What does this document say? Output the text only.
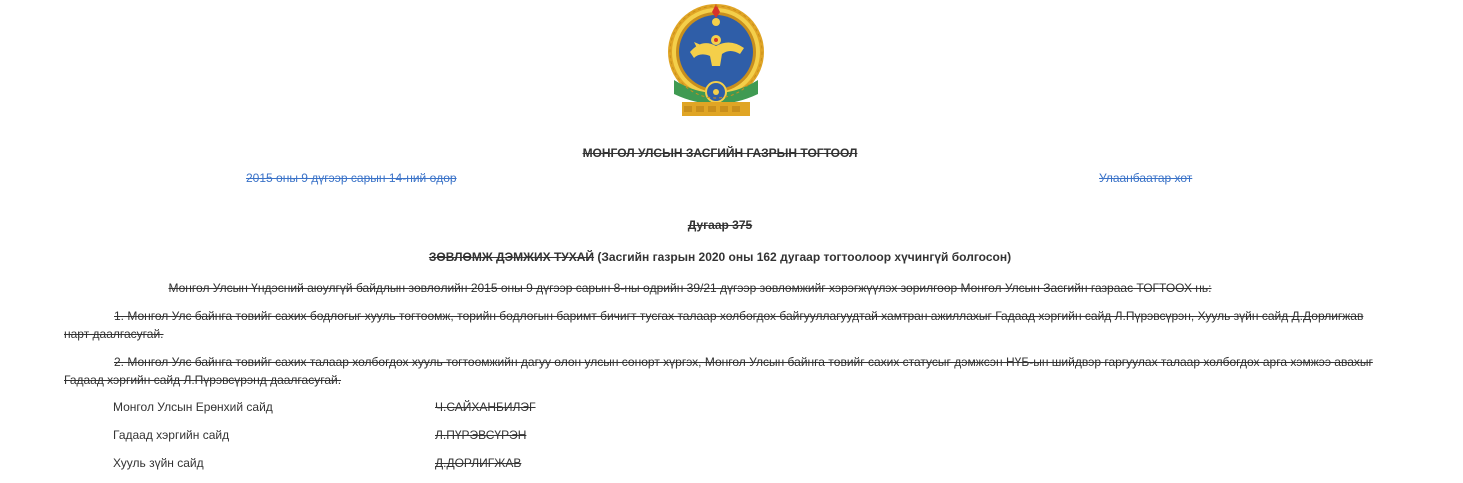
МОНГОЛ УЛСЫН ЗАСГИЙН ГАЗРЫН ТОГТООЛ
2015 оны 9 дүгээр сарын 14-ний өдөр	Улаанбаатар хот
Дугаар 375
ЗӨВЛӨМЖ ДЭМЖИХ ТУХАЙ (Засгийн газрын 2020 оны 162 дугаар тогтоолоор хүчингүй болгосон)
Монгол Улсын Үндэсний аюулгүй байдлын зөвлөлийн 2015 оны 9 дүгээр сарын 8-ны өдрийн 39/21 дүгээр зөвлөмжийг хэрэгжүүлэх зорилгоор Монгол Улсын Засгийн газраас ТОГТООХ нь:
1. Монгол Улс байнга төвийг сахих бодлогыг хууль тогтоомж, төрийн бодлогын баримт бичигт тусгах талаар холбогдох байгууллагуудтай хамтран ажиллахыг Гадаад хэргийн сайд Л.Пүрэвсүрэн, Хууль зүйн сайд Д.Дорлигжав нарт даалгасугай.
2. Монгол Улс байнга төвийг сахих талаар холбогдох хууль тогтоомжийн дагуу олон улсын сонорт хүргэх, Монгол Улсын байнга төвийг сахих статусыг дэмжсэн НҮБ-ын шийдвэр гаргуулах талаар холбогдох арга хэмжээ авахыг Гадаад хэргийн сайд Л.Пүрэвсүрэнд даалгасугай.
Монгол Улсын Ерөнхий сайд	Ч.САЙХАНБИЛЭГ
Гадаад хэргийн сайд	Л.ПҮРЭВСҮРЭН
Хууль зүйн сайд	Д.ДОРЛИГЖАВ
